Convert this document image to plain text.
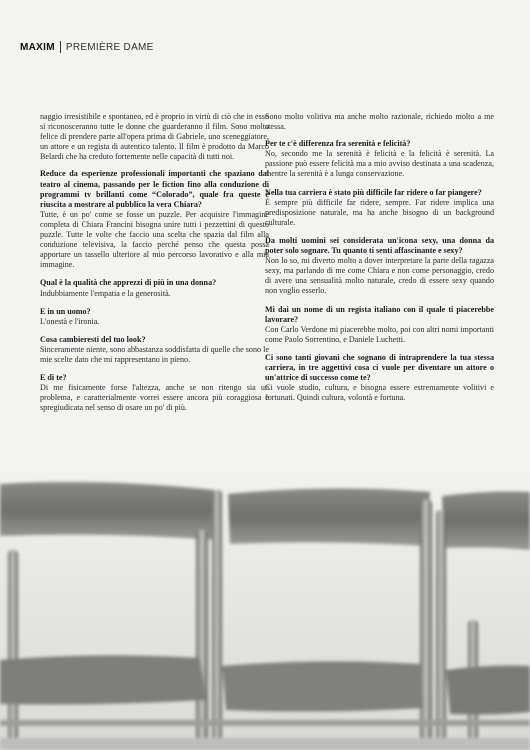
MAXIM PREMIÈRE DAME

naggio irresistibile e spontaneo, ed è proprio in virtù di ciò che in esso si riconosceranno tutte le donne che guarderanno il film. Sono molto felice di prendere parte all'opera prima di Gabriele, uno sceneggiatore, un attore e un regista di autentico talento. Il film è prodotto da Marco Belardi che ha creduto fortemente nelle capacità di tutti noi.

Reduce da esperienze professionali importanti che spaziano dal teatro al cinema, passando per le fiction fino alla conduzione di programmi tv brillanti come “Colorado”, quale fra queste è riuscita a mostrare al pubblico la vera Chiara?

Tutte, è un po' come se fosse un puzzle. Per acquisire l'immagine completa di Chiara Francini bisogna unire tutti i pezzettini di questo puzzle. Tutte le volte che faccio una scelta che spazia dal film alla conduzione televisiva, la faccio perché penso che questa possa apportare un tassello ulteriore al mio percorso lavorativo e alla mia immagine.

Qual è la qualità che apprezzi di più in una donna?

Indubbiamente l'empatia e la generosità.

E in un uomo?

L'onestà e l'ironia.

Cosa cambieresti del tuo look?

Sinceramente niente, sono abbastanza soddisfatta di quelle che sono le mie scelte dato che mi rappresentano in pieno.

E di te?

Di me fisicamente forse l'altezza, anche se non ritengo sia un problema, e caratterialmente vorrei essere ancora più coraggiosa e spregiudicata nel senso di osare un po' di più.

Sono molto volitiva ma anche molto razionale, richiedo molto a me stessa.

Per te c'è differenza fra serenità e felicità?

No, secondo me la serenità è felicità e la felicità è serenità. La passione può essere felicità ma a mio avviso destinata a una scadenza, mentre la serenità è a lunga conservazione.

Nella tua carriera è stato più difficile far ridere o far piangere?

È sempre più difficile far ridere, sempre. Far ridere implica una predisposizione naturale, ma ha anche bisogno di un background culturale.

Da molti uomini sei considerata un'icona sexy, una donna da poter solo sognare. Tu quanto ti senti affascinante e sexy?

Non lo so, mi diverto molto a dover interpretare la parte della ragazza sexy, ma parlando di me come Chiara e non come personaggio, credo di avere una sensualità molto naturale, credo di essere sexy quando non voglio esserlo.

Mi dai un nome di un regista italiano con il quale ti piacerebbe lavorare?

Con Carlo Verdone mi piacerebbe molto, poi con altri nomi importanti come Paolo Sorrentino, e Daniele Luchetti.

Ci sono tanti giovani che sognano di intraprendere la tua stessa carriera, in tre aggettivi cosa ci vuole per diventare un attore o un'attrice di successo come te?

Ci vuole studio, cultura, e bisogna essere estremamente volitivi e fortunati. Quindi cultura, volontà e fortuna.
